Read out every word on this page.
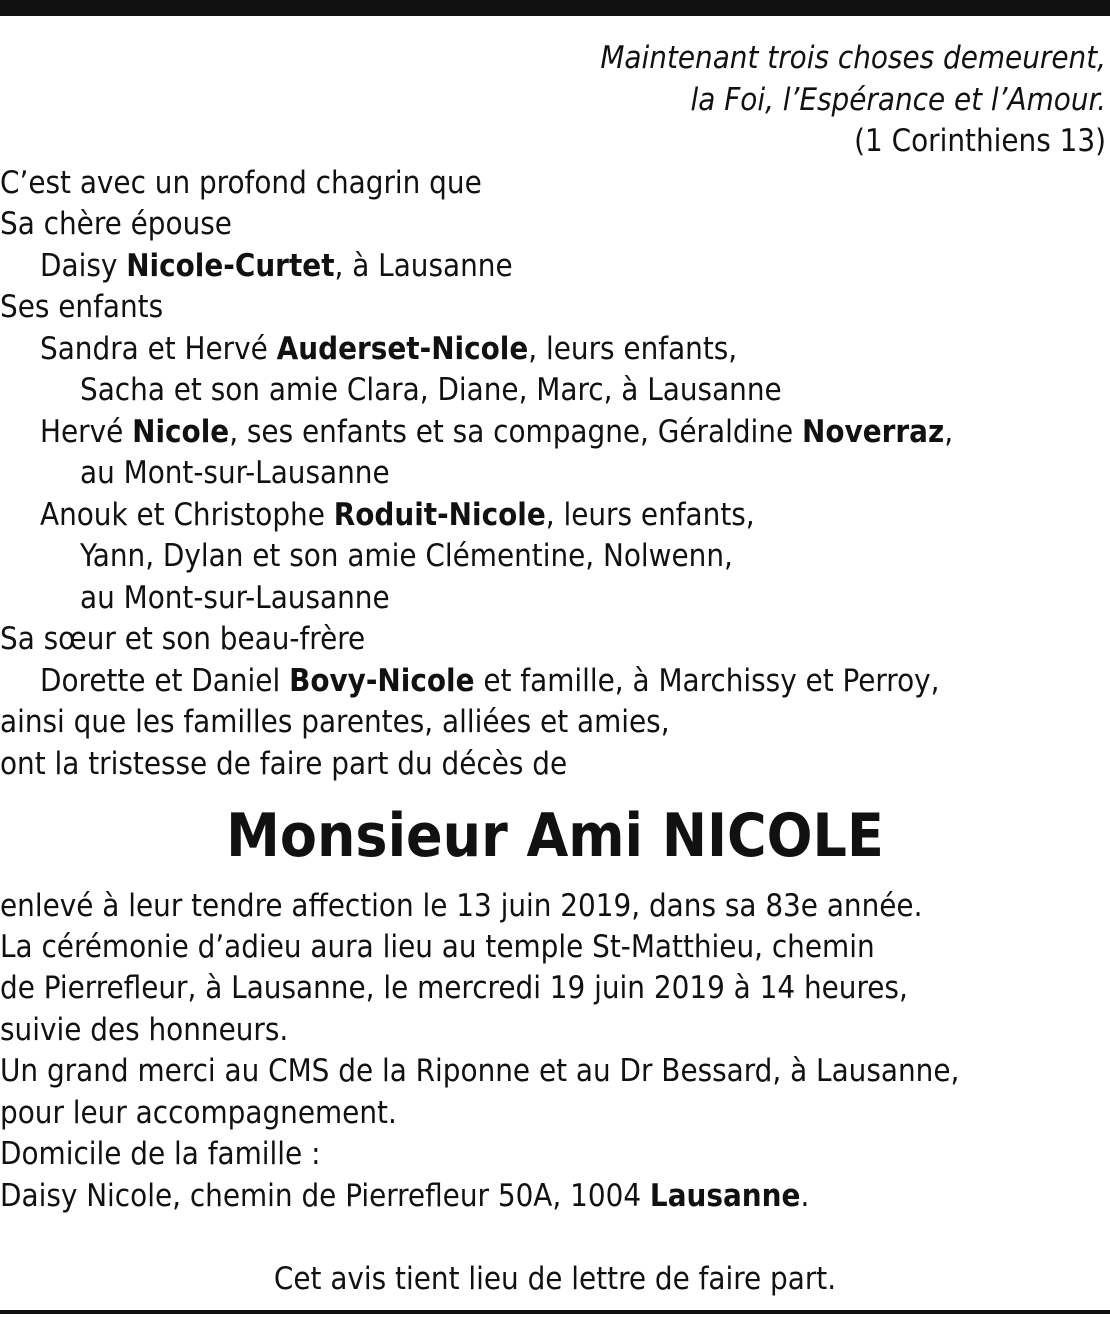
Maintenant trois choses demeurent,
la Foi, l’Espérance et l’Amour.
(1 Corinthiens 13)
C’est avec un profond chagrin que
Sa chère épouse
Daisy Nicole-Curtet, à Lausanne
Ses enfants
Sandra et Hervé Auderset-Nicole, leurs enfants,
Sacha et son amie Clara, Diane, Marc, à Lausanne
Hervé Nicole, ses enfants et sa compagne, Géraldine Noverraz,
au Mont-sur-Lausanne
Anouk et Christophe Roduit-Nicole, leurs enfants,
Yann, Dylan et son amie Clémentine, Nolwenn,
au Mont-sur-Lausanne
Sa sœur et son beau-frère
Dorette et Daniel Bovy-Nicole et famille, à Marchissy et Perroy,
ainsi que les familles parentes, alliées et amies,
ont la tristesse de faire part du décès de
Monsieur Ami NICOLE
enlevé à leur tendre affection le 13 juin 2019, dans sa 83e année.
La cérémonie d’adieu aura lieu au temple St-Matthieu, chemin
de Pierrefleur, à Lausanne, le mercredi 19 juin 2019 à 14 heures,
suivie des honneurs.
Un grand merci au CMS de la Riponne et au Dr Bessard, à Lausanne,
pour leur accompagnement.
Domicile de la famille :
Daisy Nicole, chemin de Pierrefleur 50A, 1004 Lausanne.
Cet avis tient lieu de lettre de faire part.
